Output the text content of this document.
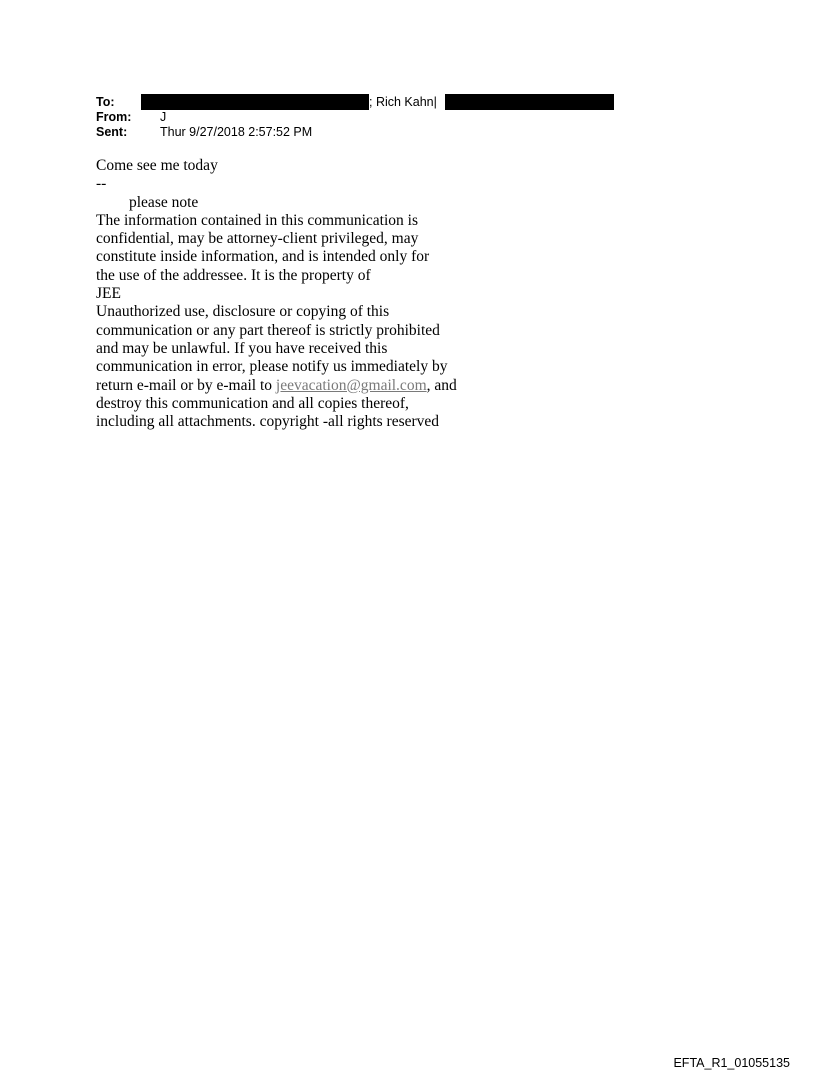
To:	; Rich Kahn|
From: J
Sent:	Thur 9/27/2018 2:57:52 PM
Come see me today
--
please note
The information contained in this communication is
confidential, may be attorney-client privileged, may
constitute inside information, and is intended only for
the use of the addressee. It is the property of
JEE
Unauthorized use, disclosure or copying of this
communication or any part thereof is strictly prohibited
and may be unlawful. If you have received this
communication in error, please notify us immediately by
return e-mail or by e-mail to jeevacation@gmail.com, and
destroy this communication and all copies thereof,
including all attachments. copyright -all rights reserved
EFTA_R1_01055135
